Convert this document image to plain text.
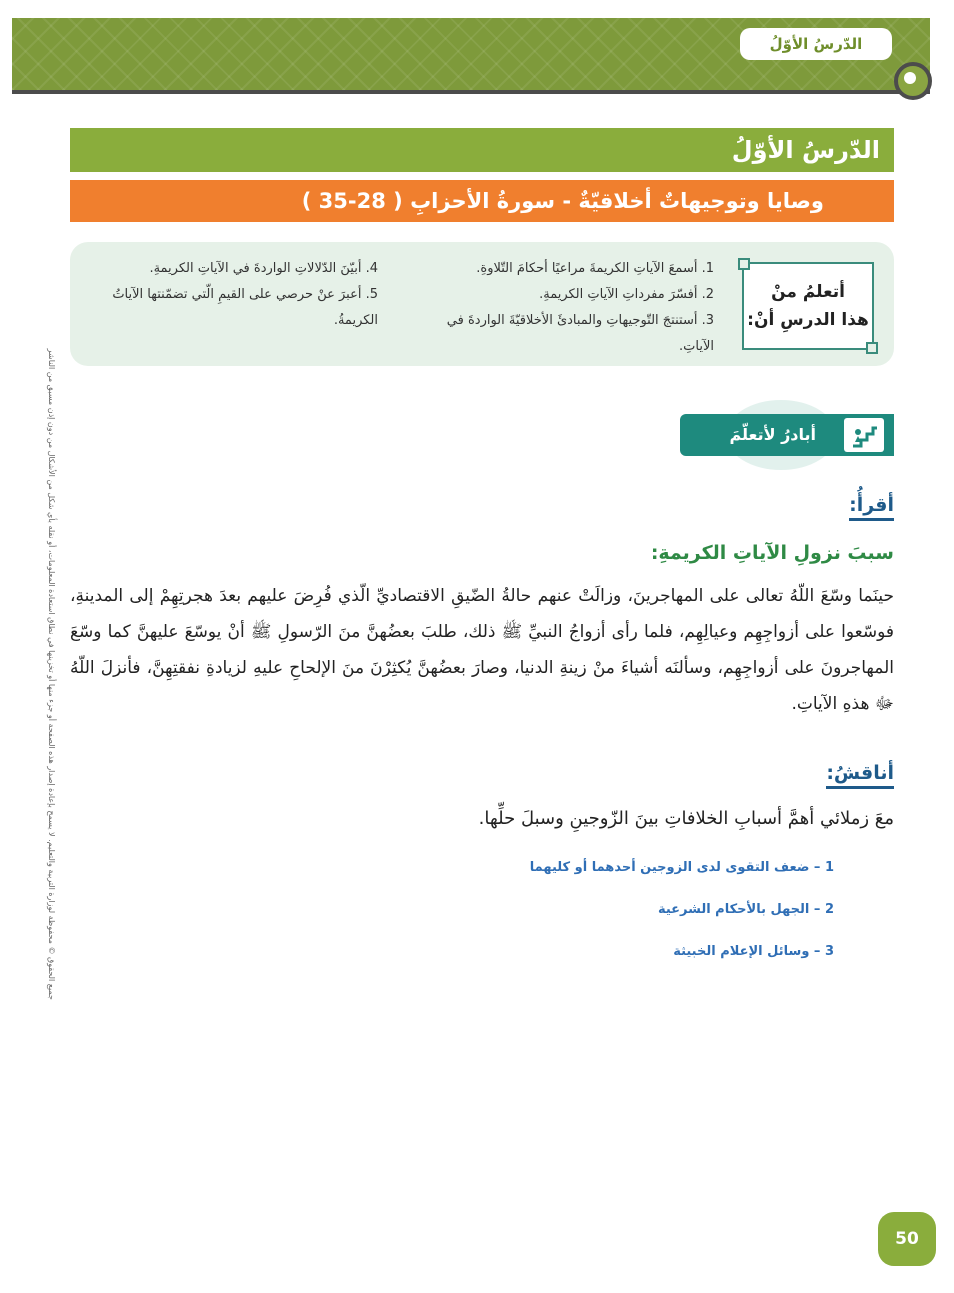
الدّرسُ الأوّلُ
الدّرسُ الأوّلُ
وصايا وتوجيهاتٌ أخلاقيّةٌ - سورةُ الأحزابِ ( 28-35 )
أتعلمُ منْ
هذا الدرسِ أنْ:
1. أسمعَ الآياتِ الكريمةَ مراعيًا أحكامَ التّلاوةِ.
2. أفسّرَ مفرداتِ الآياتِ الكريمةِ.
3. أستنتجَ التّوجيهاتِ والمبادئَ الأخلاقيّةَ الواردةَ في الآياتِ.
4. أبيّنَ الدّلالاتِ الواردةَ في الآياتِ الكريمةِ.
5. أعبرَ عنْ حرصي على القيمِ الّتي تضمّنتها الآياتُ الكريمةُ.
جميع الحقوق © محفوظة لوزارة التربية والتعليم. لا يسمح بإعادة إصدار هذه الصفحة أو جزء منها أو تخزينها في نطاق استعادة المعلومات، أو نقله بأي شكل من الأشكال من دون إذن مسبق من الناشر	أبادرُ لأتعلّمَ
أقرأُ:
سببَ نزولِ الآياتِ الكريمةِ:
حينَما وسّعَ اللّهُ تعالى على المهاجرينَ، وزالَتْ عنهم حالةُ الضّيقِ الاقتصاديِّ الّذي فُرِضَ عليهم بعدَ هجرتِهِمْ إلى المدينةِ، فوسّعوا على أزواجِهِم وعيالِهِم، فلما رأى أزواجُ النبيِّ ﷺ ذلك، طلبَ بعضُهنَّ منَ الرّسولِ ﷺ أنْ يوسّعَ عليهنَّ كما وسّعَ المهاجرونَ على أزواجِهِم، وسألنَه أشياءَ منْ زينةِ الدنيا، وصارَ بعضُهنَّ يُكثِرْنَ منَ الإلحاحِ عليهِ لزيادةِ نفقتِهِنَّ، فأنزلَ اللّهُ ﷻ هذهِ الآياتِ.
أناقشُ:
معَ زملائي أهمَّ أسبابِ الخلافاتِ بينَ الزّوجينِ وسبلَ حلِّها.
1 – ضعف التقوى لدى الزوجين أحدهما أو كليهما
2 – الجهل بالأحكام الشرعية
3 – وسائل الإعلام الخبيثة
50
